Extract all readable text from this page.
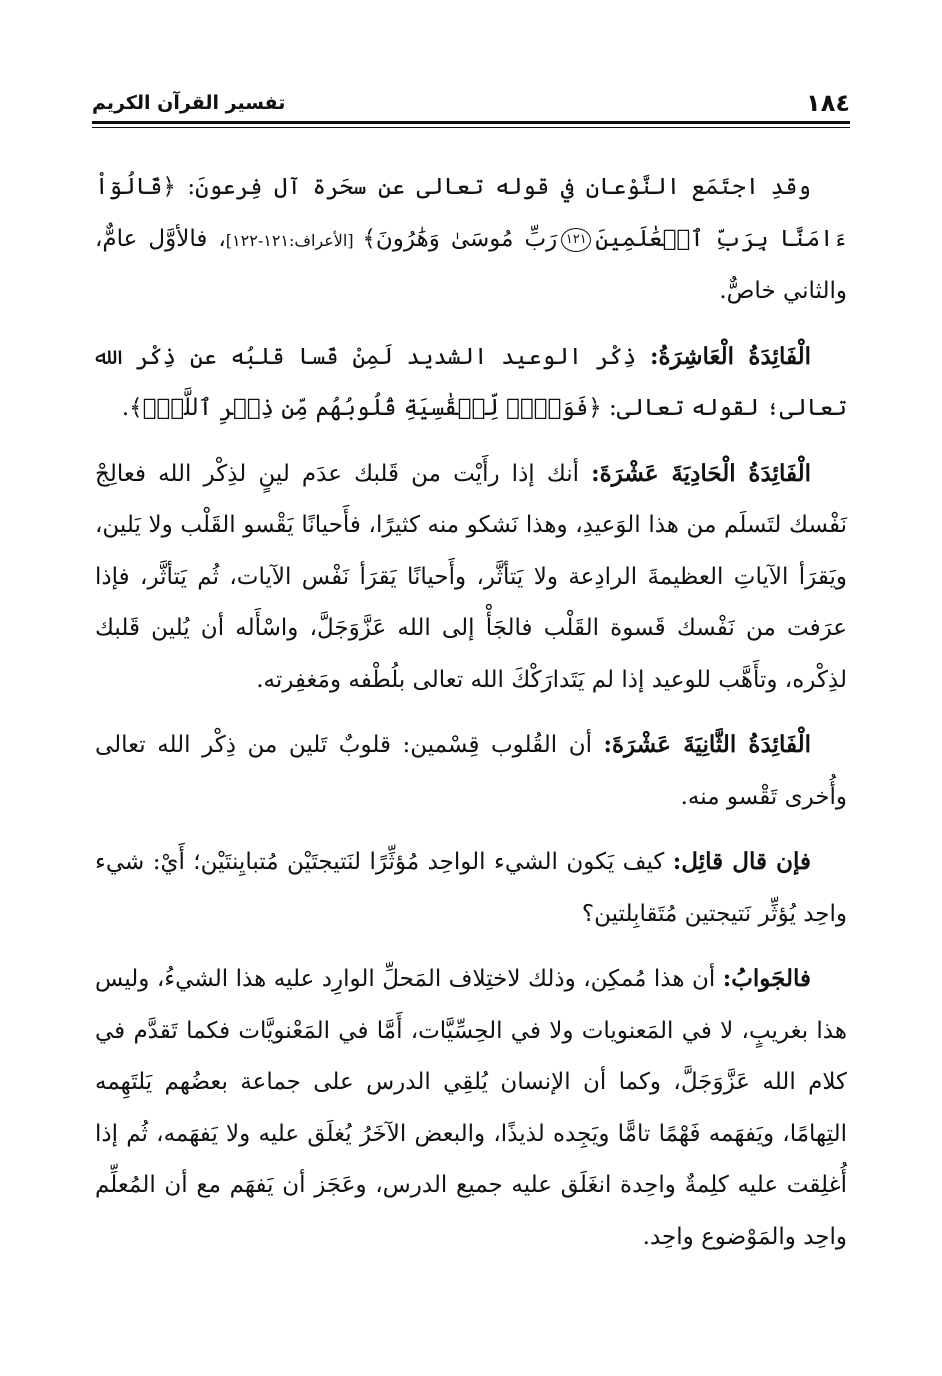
١٨٤
تفسير القرآن الكريم

وقدِ اجتَمَع النَّوْعان في قوله تعالى عن سحَرة آل فِرعونَ: ﴿قَالُوٓاْ ءَامَنَّا بِرَبِّ ٱلۡعَٰلَمِينَ١٢١رَبِّ مُوسَىٰ وَهَٰرُونَ﴾ [الأعراف:١٢١-١٢٢]، فالأوَّل عامٌّ، والثاني خاصٌّ.

الْفَائِدَةُ الْعَاشِرَةُ: ذِكْر الوعيد الشديد لَمِنْ قَسا قلبُه عن ذِكْر الله تعالى؛ لقوله تعالى: ﴿فَوَيۡلٞ لِّلۡقَٰسِيَةِ قُلُوبُهُم مِّن ذِكۡرِ ٱللَّهِۚ﴾.

الْفَائِدَةُ الْحَادِيَةَ عَشْرَةَ: أنك إذا رأَيْت من قَلبك عدَم لينٍ لذِكْر الله فعالِجْ نَفْسك لتَسلَم من هذا الوَعيدِ، وهذا نَشكو منه كثيرًا، فأَحيانًا يَقْسو القَلْب ولا يَلين، ويَقرَأ الآياتِ العظيمةَ الرادِعة ولا يَتأثَّر، وأَحيانًا يَقرَأ نَفْس الآيات، ثُم يَتأثَّر، فإذا عرَفت من نَفْسك قَسوة القَلْب فالجَأْ إلى الله عَزَّوَجَلَّ، واسْأَله أن يُلين قَلبك لذِكْره، وتأَهَّب للوعيد إذا لم يَتَدارَكْكَ الله تعالى بلُطْفه ومَغفِرته.

الْفَائِدَةُ الثَّانِيَةَ عَشْرَةَ: أن القُلوب قِسْمين: قلوبٌ تَلين من ذِكْر الله تعالى وأُخرى تَقْسو منه.

فإن قال قائِل: كيف يَكون الشيء الواحِد مُؤثِّرًا لنَتيجتَيْن مُتبايِنتَيْن؛ أَيْ: شيء واحِد يُؤثِّر نَتيجتين مُتَقابِلتين؟

فالجَوابُ: أن هذا مُمكِن، وذلك لاختِلاف المَحلِّ الوارِد عليه هذا الشيءُ، وليس هذا بغريبٍ، لا في المَعنويات ولا في الحِسِّيَّات، أَمَّا في المَعْنويَّات فكما تَقدَّم في كلام الله عَزَّوَجَلَّ، وكما أن الإنسان يُلقِي الدرس على جماعة بعضُهم يَلتَهِمه التِهامًا، ويَفهَمه فَهْمًا تامًّا ويَجِده لذيذًا، والبعض الآخَرُ يُغلَق عليه ولا يَفهَمه، ثُم إذا أُغلِقت عليه كلِمةٌ واحِدة انغَلَق عليه جميع الدرس، وعَجَز أن يَفهَم مع أن المُعلِّم واحِد والمَوْضوع واحِد.
